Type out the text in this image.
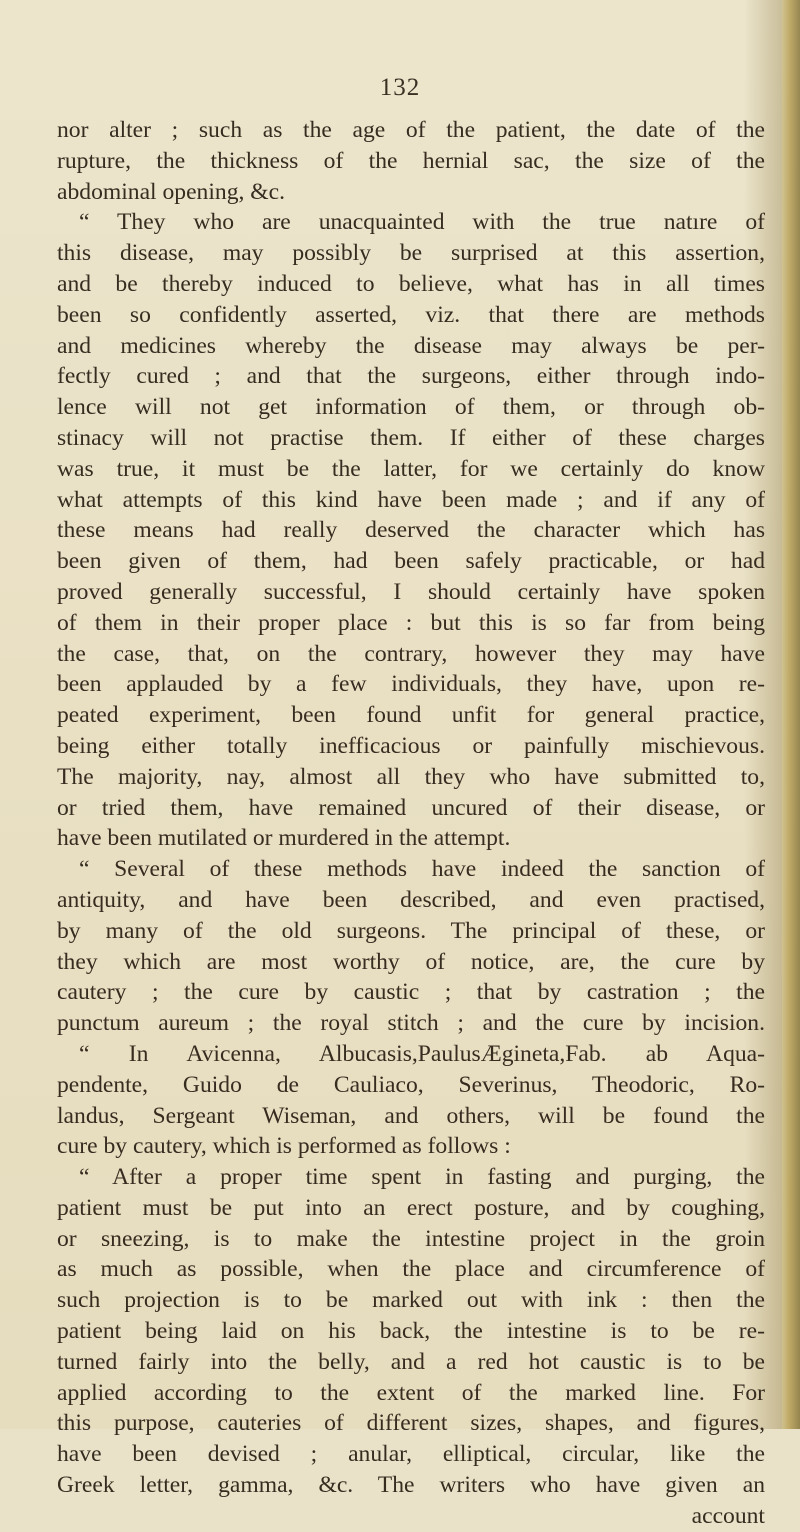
132
nor alter ; such as the age of the patient, the date of the
rupture, the thickness of the hernial sac, the size of the
abdominal opening, &c.
“ They who are unacquainted with the true natıre of
this disease, may possibly be surprised at this assertion,
and be thereby induced to believe, what has in all times
been so confidently asserted, viz. that there are methods
and medicines whereby the disease may always be per-
fectly cured ; and that the surgeons, either through indo-
lence will not get information of them, or through ob-
stinacy will not practise them. If either of these charges
was true, it must be the latter, for we certainly do know
what attempts of this kind have been made ; and if any of
these means had really deserved the character which has
been given of them, had been safely practicable, or had
proved generally successful, I should certainly have spoken
of them in their proper place : but this is so far from being
the case, that, on the contrary, however they may have
been applauded by a few individuals, they have, upon re-
peated experiment, been found unfit for general practice,
being either totally inefficacious or painfully mischievous.
The majority, nay, almost all they who have submitted to,
or tried them, have remained uncured of their disease, or
have been mutilated or murdered in the attempt.
“ Several of these methods have indeed the sanction of
antiquity, and have been described, and even practised,
by many of the old surgeons. The principal of these, or
they which are most worthy of notice, are, the cure by
cautery ; the cure by caustic ; that by castration ; the
punctum aureum ; the royal stitch ; and the cure by incision.
“ In Avicenna, Albucasis,PaulusÆgineta,Fab. ab Aqua-
pendente, Guido de Cauliaco, Severinus, Theodoric, Ro-
landus, Sergeant Wiseman, and others, will be found the
cure by cautery, which is performed as follows :
“ After a proper time spent in fasting and purging, the
patient must be put into an erect posture, and by coughing,
or sneezing, is to make the intestine project in the groin
as much as possible, when the place and circumference of
such projection is to be marked out with ink : then the
patient being laid on his back, the intestine is to be re-
turned fairly into the belly, and a red hot caustic is to be
applied according to the extent of the marked line. For
this purpose, cauteries of different sizes, shapes, and figures,
have been devised ; anular, elliptical, circular, like the
Greek letter, gamma, &c. The writers who have given an
account
